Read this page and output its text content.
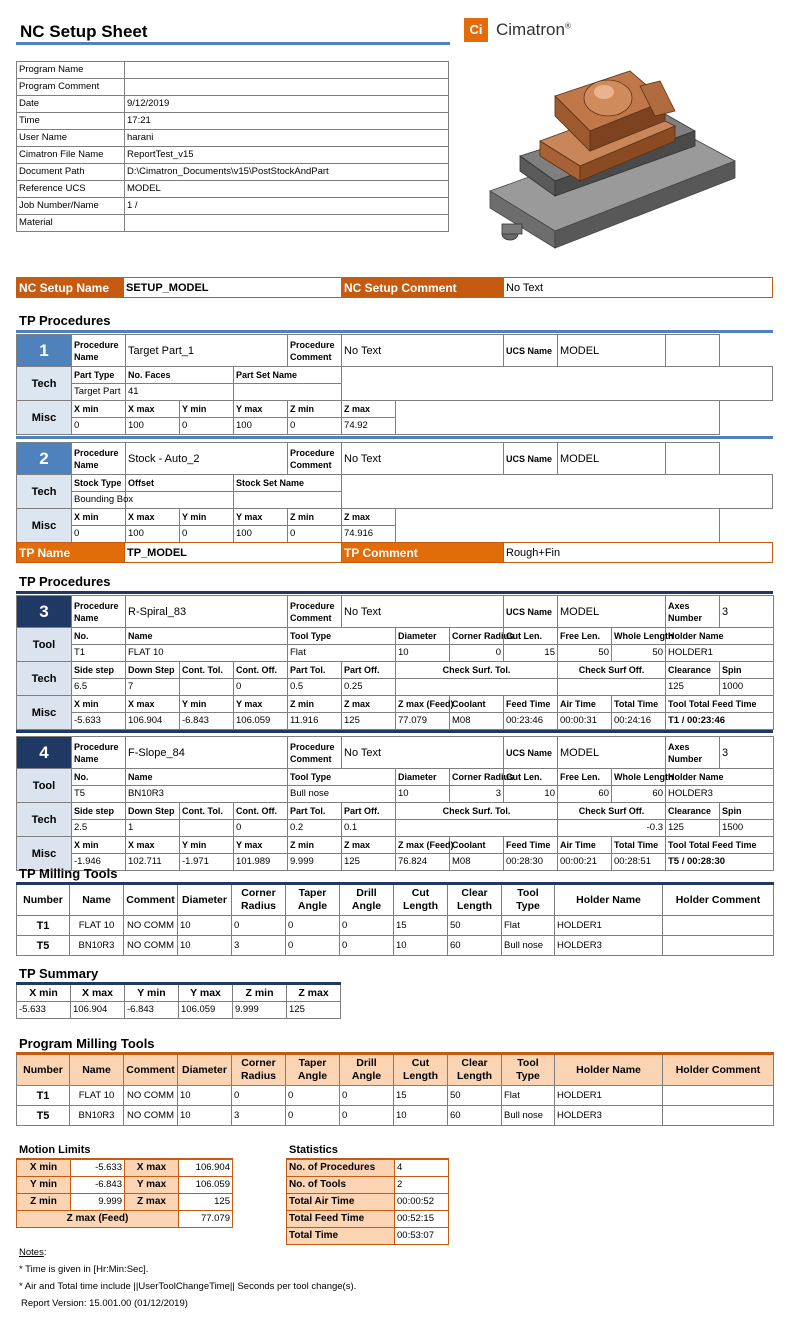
NC Setup Sheet	Ci Cimatron®
Program Name	
Program Comment	
Date	9/12/2019
Time	17:21
User Name	harani
Cimatron File Name	ReportTest_v15
Document Path	D:\Cimatron_Documents\v15\PostStockAndPart
Reference UCS	MODEL
Job Number/Name	1 /
Material	
NC Setup Name	SETUP_MODEL	NC Setup Comment	No Text
TP Procedures
1	Procedure Name	Target Part_1			Procedure Comment	No Text		UCS Name	MODEL	
Tech	Part Type	No. Faces		Part Set Name						
	Target Part	41								
Misc	X min	X max	Y min	Y max	Z min	Z max				
	0	100	0	100	0	74.92				
2	Procedure Name	Stock - Auto_2			Procedure Comment	No Text		UCS Name	MODEL	
Tech	Stock Type	Offset		Stock Set Name						
	Bounding Box									
Misc	X min	X max	Y min	Y max	Z min	Z max				
	0	100	0	100	0	74.916				
TP Name	TP_MODEL	TP Comment	Rough+Fin
TP Procedures
3	Procedure Name	R-Spiral_83			Procedure Comment	No Text			UCS Name	MODEL		Axes Number	3	
Tool	No.	Name			Tool Type		Diameter	Corner Radius	Cut Len.	Free Len.	Whole Length	Holder Name		
	T1	FLAT 10			Flat		10	0	15	50	50	HOLDER1		
Tech	Side step	Down Step	Cont. Tol.	Cont. Off.	Part Tol.	Part Off.	Check Surf. Tol.			Check Surf Off.		Clearance	Spin	
	6.5	7		0	0.5	0.25						125	1000	
Misc	X min	X max	Y min	Y max	Z min	Z max	Z max (Feed)	Coolant	Feed Time	Air Time	Total Time	Tool Total Feed Time		
	-5.633	106.904	-6.843	106.059	11.916	125	77.079	M08	00:23:46	00:00:31	00:24:16	T1 / 00:23:46		
4	Procedure Name	F-Slope_84			Procedure Comment	No Text			UCS Name	MODEL		Axes Number	3	
Tool	No.	Name			Tool Type		Diameter	Corner Radius	Cut Len.	Free Len.	Whole Length	Holder Name		
	T5	BN10R3			Bull nose		10	3	10	60	60	HOLDER3		
Tech	Side step	Down Step	Cont. Tol.	Cont. Off.	Part Tol.	Part Off.	Check Surf. Tol.			Check Surf Off.		Clearance	Spin	
	2.5	1		0	0.2	0.1				-0.3		125	1500	
Misc	X min	X max	Y min	Y max	Z min	Z max	Z max (Feed)	Coolant	Feed Time	Air Time	Total Time	Tool Total Feed Time		
	-1.946	102.711	-1.971	101.989	9.999	125	76.824	M08	00:28:30	00:00:21	00:28:51	T5 / 00:28:30		
TP Milling Tools
Number	Name	Comment	Diameter	Corner Radius	Taper Angle	Drill Angle	Cut Length	Clear Length	Tool Type	Holder Name	Holder Comment
T1	FLAT 10	NO COMM	10	0	0	0	15	50	Flat	HOLDER1	
T5	BN10R3	NO COMM	10	3	0	0	10	60	Bull nose	HOLDER3	
TP Summary
X min	X max	Y min	Y max	Z min	Z max
-5.633	106.904	-6.843	106.059	9.999	125
Program Milling Tools
Number	Name	Comment	Diameter	Corner Radius	Taper Angle	Drill Angle	Cut Length	Clear Length	Tool Type	Holder Name	Holder Comment
T1	FLAT 10	NO COMM	10	0	0	0	15	50	Flat	HOLDER1	
T5	BN10R3	NO COMM	10	3	0	0	10	60	Bull nose	HOLDER3	
Motion Limits
X min	-5.633	X max	106.904
Y min	-6.843	Y max	106.059
Z min	9.999	Z max	125
Z max (Feed)			77.079
Statistics
No. of Procedures	4
No. of Tools	2
Total Air Time	00:00:52
Total Feed Time	00:52:15
Total Time	00:53:07
Notes:
* Time is given in [Hr:Min:Sec].
* Air and Total time include ||UserToolChangeTime|| Seconds per tool change(s).
Report Version: 15.001.00 (01/12/2019)
